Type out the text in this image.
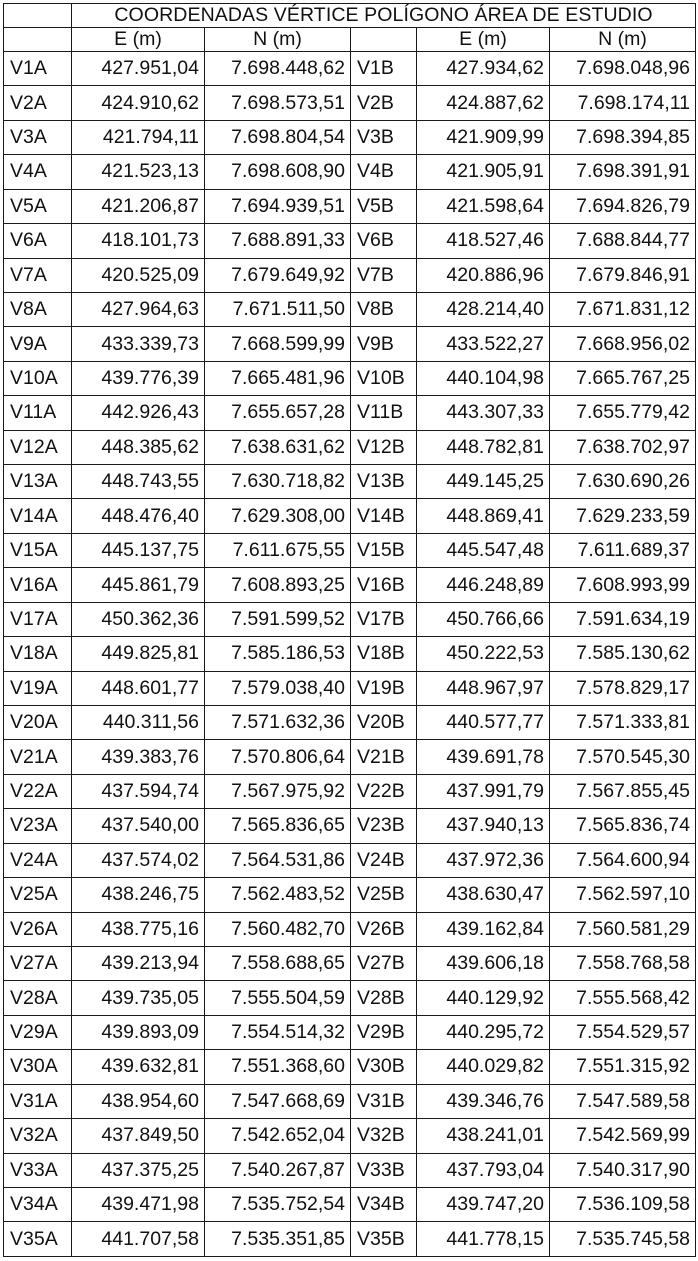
	COORDENADAS VÉRTICE POLÍGONO ÁREA DE ESTUDIO				
	E (m)	N (m)		E (m)	N (m)
V1A	427.951,04	7.698.448,62	V1B	427.934,62	7.698.048,96
V2A	424.910,62	7.698.573,51	V2B	424.887,62	7.698.174,11
V3A	421.794,11	7.698.804,54	V3B	421.909,99	7.698.394,85
V4A	421.523,13	7.698.608,90	V4B	421.905,91	7.698.391,91
V5A	421.206,87	7.694.939,51	V5B	421.598,64	7.694.826,79
V6A	418.101,73	7.688.891,33	V6B	418.527,46	7.688.844,77
V7A	420.525,09	7.679.649,92	V7B	420.886,96	7.679.846,91
V8A	427.964,63	7.671.511,50	V8B	428.214,40	7.671.831,12
V9A	433.339,73	7.668.599,99	V9B	433.522,27	7.668.956,02
V10A	439.776,39	7.665.481,96	V10B	440.104,98	7.665.767,25
V11A	442.926,43	7.655.657,28	V11B	443.307,33	7.655.779,42
V12A	448.385,62	7.638.631,62	V12B	448.782,81	7.638.702,97
V13A	448.743,55	7.630.718,82	V13B	449.145,25	7.630.690,26
V14A	448.476,40	7.629.308,00	V14B	448.869,41	7.629.233,59
V15A	445.137,75	7.611.675,55	V15B	445.547,48	7.611.689,37
V16A	445.861,79	7.608.893,25	V16B	446.248,89	7.608.993,99
V17A	450.362,36	7.591.599,52	V17B	450.766,66	7.591.634,19
V18A	449.825,81	7.585.186,53	V18B	450.222,53	7.585.130,62
V19A	448.601,77	7.579.038,40	V19B	448.967,97	7.578.829,17
V20A	440.311,56	7.571.632,36	V20B	440.577,77	7.571.333,81
V21A	439.383,76	7.570.806,64	V21B	439.691,78	7.570.545,30
V22A	437.594,74	7.567.975,92	V22B	437.991,79	7.567.855,45
V23A	437.540,00	7.565.836,65	V23B	437.940,13	7.565.836,74
V24A	437.574,02	7.564.531,86	V24B	437.972,36	7.564.600,94
V25A	438.246,75	7.562.483,52	V25B	438.630,47	7.562.597,10
V26A	438.775,16	7.560.482,70	V26B	439.162,84	7.560.581,29
V27A	439.213,94	7.558.688,65	V27B	439.606,18	7.558.768,58
V28A	439.735,05	7.555.504,59	V28B	440.129,92	7.555.568,42
V29A	439.893,09	7.554.514,32	V29B	440.295,72	7.554.529,57
V30A	439.632,81	7.551.368,60	V30B	440.029,82	7.551.315,92
V31A	438.954,60	7.547.668,69	V31B	439.346,76	7.547.589,58
V32A	437.849,50	7.542.652,04	V32B	438.241,01	7.542.569,99
V33A	437.375,25	7.540.267,87	V33B	437.793,04	7.540.317,90
V34A	439.471,98	7.535.752,54	V34B	439.747,20	7.536.109,58
V35A	441.707,58	7.535.351,85	V35B	441.778,15	7.535.745,58
